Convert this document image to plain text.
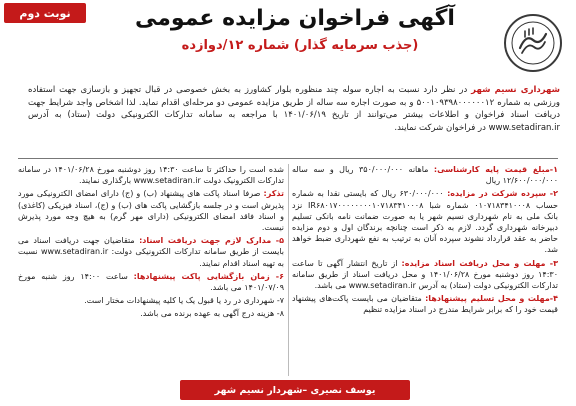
نوبت دوم	آگهی فراخوان مزایده عمومی
(جذب سرمایه گذار) شماره ۱۲/دوازده
شهرداری نسیم شهر در نظر دارد نسبت به اجاره سوله چند منظوره بلوار کشاورز به بخش خصوصی در قبال تجهیز و بازسازی جهت استفاده ورزشی به شماره ۵۰۰۱۰۹۳۹۸۰۰۰۰۰۰۱۲ و به صورت اجاره سه ساله از طریق مزایده عمومی دو مرحله‌ای اقدام نماید. لذا اشخاص واجد شرایط جهت دریافت اسناد فراخوان و اطلاعات بیشتر می‌توانند از تاریخ ۱۴۰۱/۰۶/۱۹ با مراجعه به سامانه تدارکات الکترونیکی دولت (ستاد) به آدرس www.setadiran.ir در فراخوان شرکت نمایند.
۱-مبلغ قیمت پایه کارشناسی: ماهانه ۳۵۰/۰۰۰/۰۰۰ ریال و سه ساله ۱۲/۶۰۰/۰۰۰/۰۰۰ ریال
۲- سپرده شرکت در مزایده: ۶۳۰/۰۰۰/۰۰۰ ریال که بایستی نقدا به شماره حساب ۰۱۰۷۱۸۳۴۱۰۰۰۸ شماره شبا IR۶۸۰۱۷۰۰۰۰۰۰۰۰۱۰۷۱۸۳۴۱۰۰۰۸ نزد بانک ملی به نام شهرداری نسیم شهر یا به صورت ضمانت نامه بانکی تسلیم دبیرخانه شهرداری گردد. لازم به ذکر است چنانچه برندگان اول و دوم مزایده حاضر به عقد قرارداد نشوند سپرده آنان به ترتیب به نفع شهرداری ضبط خواهد شد.
۳- مهلت و محل دریافت اسناد مزایده: از تاریخ انتشار آگهی تا ساعت ۱۴:۳۰ روز دوشنبه مورخ ۱۴۰۱/۰۶/۲۸ و محل دریافت اسناد از طریق سامانه تدارکات الکترونیکی دولت (ستاد) به آدرس www.setadiran.ir می باشد.
۴-مهلت و محل تسلیم پیشنهادها: متقاضیان می بایست پاکت‌های پیشنهاد قیمت خود را که برابر شرایط مندرج در اسناد مزایده تنظیم
شده است را حداکثر تا ساعت ۱۴:۳۰ روز دوشنبه مورخ ۱۴۰۱/۰۶/۲۸ در سامانه تدارکات الکترونیک دولت www.setadiran.ir بارگذاری نمایند.
تذکر: صرفا اسناد پاکت های پیشنهاد (ب) و (ج) دارای امضای الکترونیکی مورد پذیرش است و در جلسه بازگشایی پاکت های (ب) و (ج)، اسناد فیزیکی (کاغذی) و اسناد فاقد امضای الکترونیکی (دارای مهر گرم) به هیچ وجه مورد پذیرش نیست.
۵- مدارک لازم جهت دریافت اسناد: متقاضیان جهت دریافت اسناد می بایست از طریق سامانه تدارکات الکترونیکی دولت: www.setadiran.ir نسبت به تهیه اسناد اقدام نمایند.
۶- زمان بازگشایی پاکت پیشنهادها: ساعت ۱۴:۰۰ روز شنبه مورخ ۱۴۰۱/۰۷/۰۹ می باشد.
۷- شهرداری در رد یا قبول یک یا کلیه پیشنهادات مختار است.
۸- هزینه درج آگهی به عهده برنده می باشد.
یوسف نصیری –شهردار نسیم شهر
